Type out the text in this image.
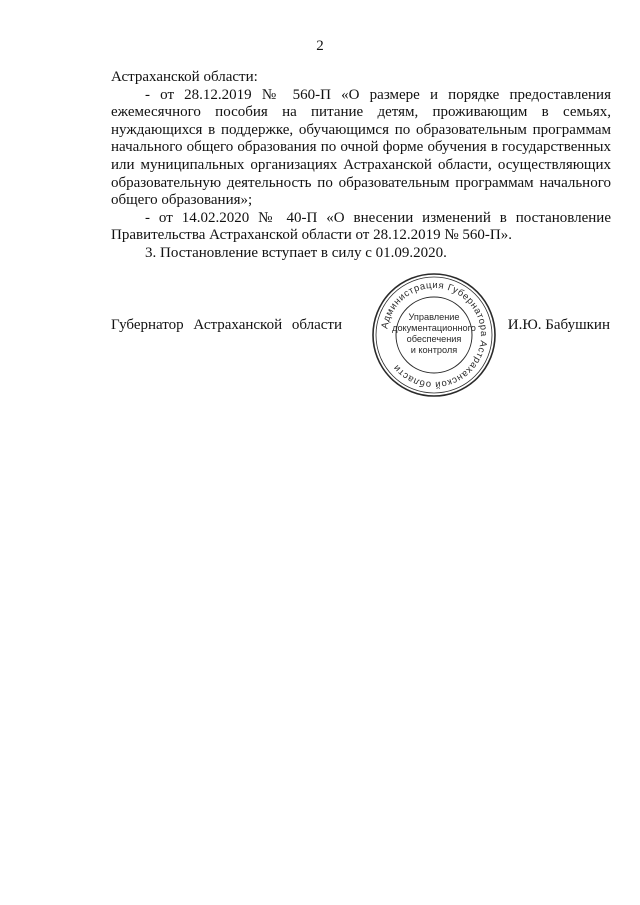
2

Астраханской области:

- от 28.12.2019 № 560-П «О размере и порядке предоставления ежемесячного пособия на питание детям, проживающим в семьях, нуждающихся в поддержке, обучающимся по образовательным программам начального общего образования по очной форме обучения в государственных или муниципальных организациях Астраханской области, осуществляющих образовательную деятельность по образовательным программам начального общего образования»;

- от 14.02.2020 № 40-П «О внесении изменений в постановление Правительства Астраханской области от 28.12.2019 № 560-П».

3. Постановление вступает в силу с 01.09.2020.

Губернатор Астраханской области	Администрация Губернатора Астраханской области
Управление
документационного
обеспечения
и контроля
И.Ю. Бабушкин
